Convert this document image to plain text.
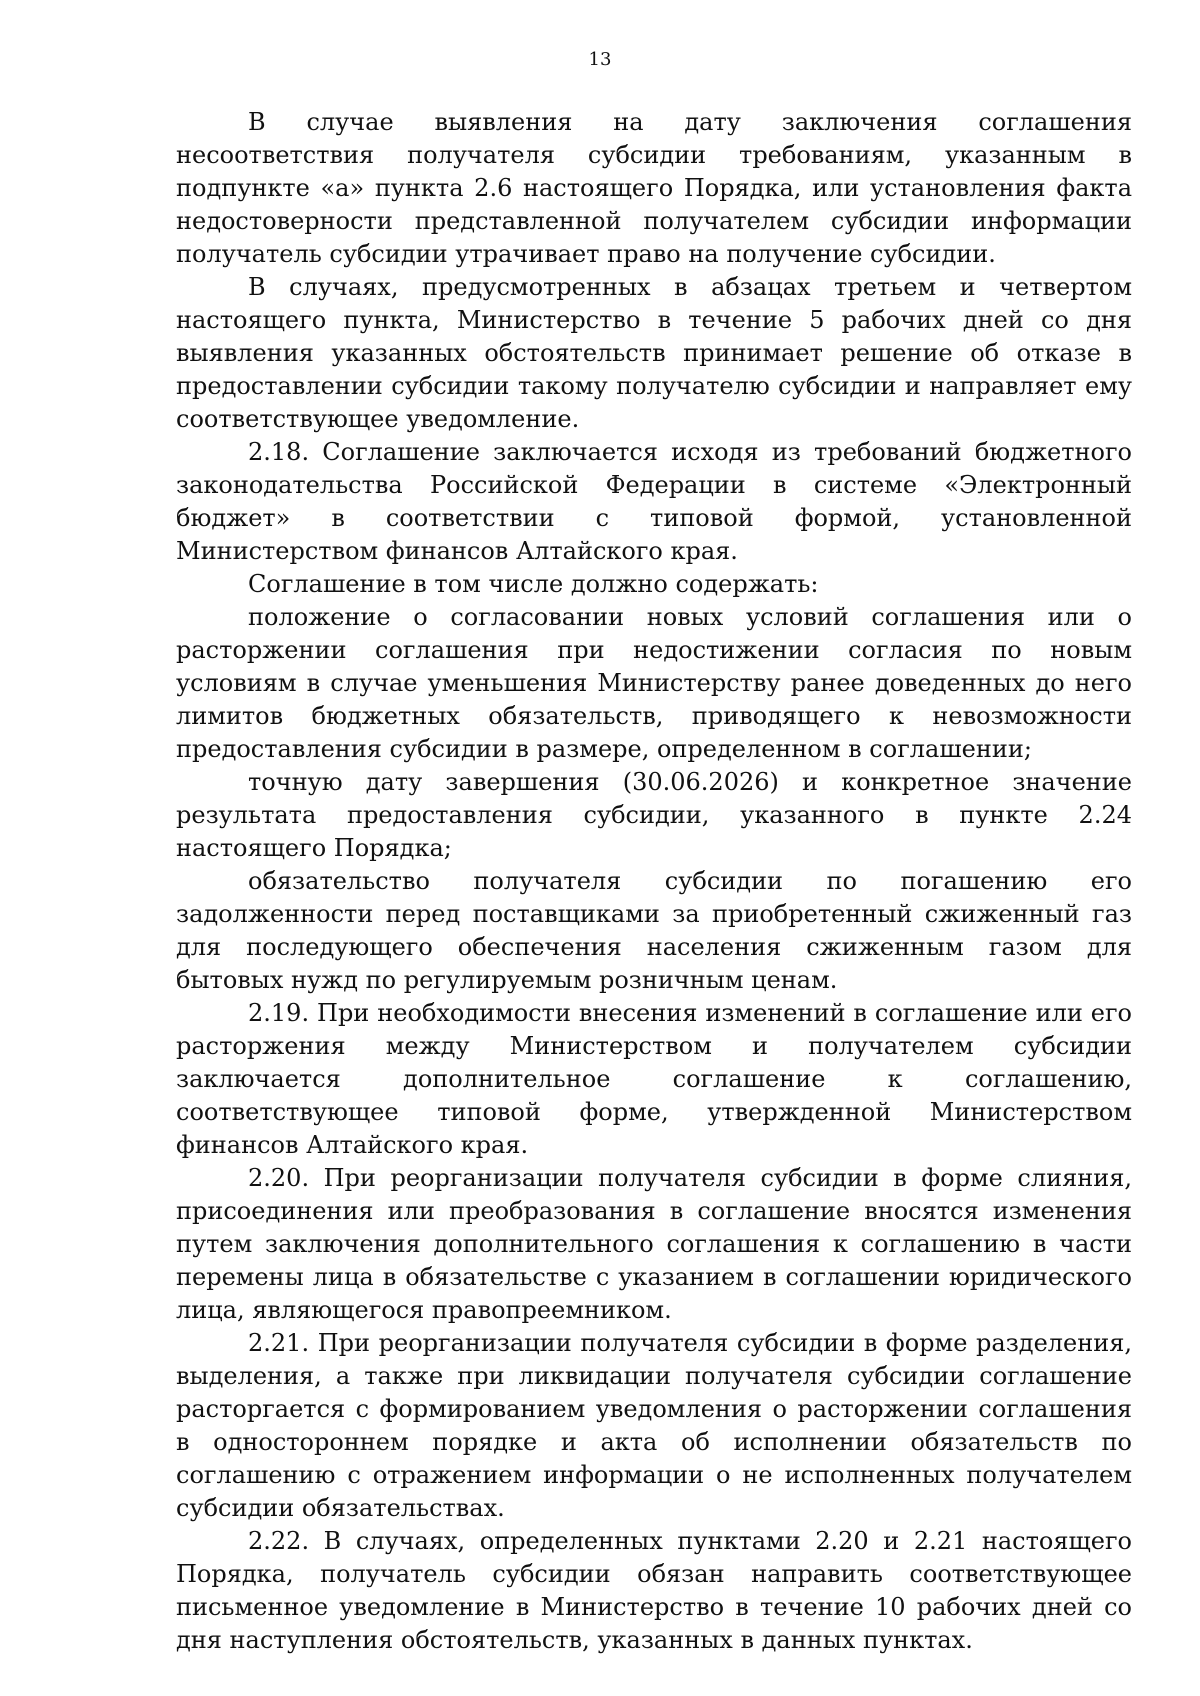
13

В случае выявления на дату заключения соглашения несоответствия получателя субсидии требованиям, указанным в подпункте «а» пункта 2.6 настоящего Порядка, или установления факта недостоверности представленной получателем субсидии информации получатель субсидии утрачивает право на получение субсидии.

В случаях, предусмотренных в абзацах третьем и четвертом настоящего пункта, Министерство в течение 5 рабочих дней со дня выявления указанных обстоятельств принимает решение об отказе в предоставлении субсидии такому получателю субсидии и направляет ему соответствующее уведомление.

2.18. Соглашение заключается исходя из требований бюджетного законодательства Российской Федерации в системе «Электронный бюджет» в соответствии с типовой формой, установленной Министерством финансов Алтайского края.

Соглашение в том числе должно содержать:

положение о согласовании новых условий соглашения или о расторжении соглашения при недостижении согласия по новым условиям в случае уменьшения Министерству ранее доведенных до него лимитов бюджетных обязательств, приводящего к невозможности предоставления субсидии в размере, определенном в соглашении;

точную дату завершения (30.06.2026) и конкретное значение результата предоставления субсидии, указанного в пункте 2.24 настоящего Порядка;

обязательство получателя субсидии по погашению его задолженности перед поставщиками за приобретенный сжиженный газ для последующего обеспечения населения сжиженным газом для бытовых нужд по регулируемым розничным ценам.

2.19. При необходимости внесения изменений в соглашение или его расторжения между Министерством и получателем субсидии заключается дополнительное соглашение к соглашению, соответствующее типовой форме, утвержденной Министерством финансов Алтайского края.

2.20. При реорганизации получателя субсидии в форме слияния, присоединения или преобразования в соглашение вносятся изменения путем заключения дополнительного соглашения к соглашению в части перемены лица в обязательстве с указанием в соглашении юридического лица, являющегося правопреемником.

2.21. При реорганизации получателя субсидии в форме разделения, выделения, а также при ликвидации получателя субсидии соглашение расторгается с формированием уведомления о расторжении соглашения в одностороннем порядке и акта об исполнении обязательств по соглашению с отражением информации о не исполненных получателем субсидии обязательствах.

2.22. В случаях, определенных пунктами 2.20 и 2.21 настоящего Порядка, получатель субсидии обязан направить соответствующее письменное уведомление в Министерство в течение 10 рабочих дней со дня наступления обстоятельств, указанных в данных пунктах.
